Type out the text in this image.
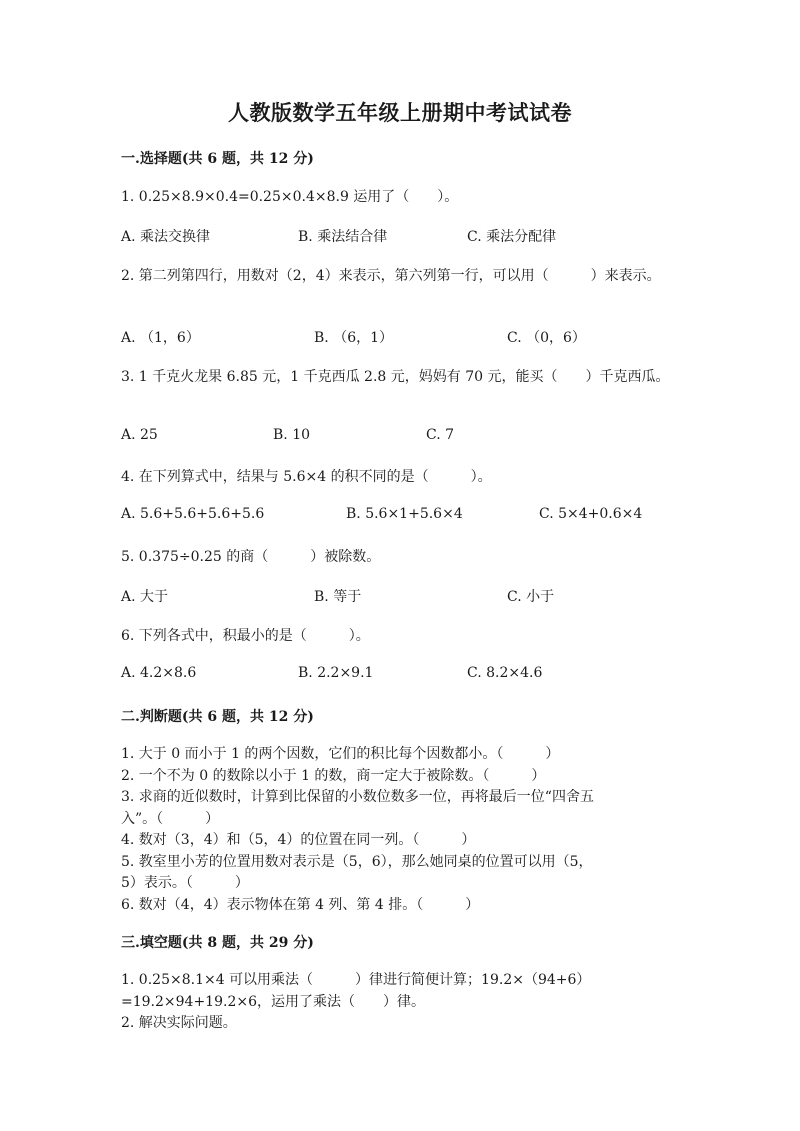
人教版数学五年级上册期中考试试卷
一.选择题(共 6 题，共 12 分)
1. 0.25×8.9×0.4=0.25×0.4×8.9 运用了（　　）。
A. 乘法交换律	B. 乘法结合律	C. 乘法分配律
2. 第二列第四行，用数对（2，4）来表示，第六列第一行，可以用（　　　）来表示。
A. （1，6）	B. （6，1）	C. （0，6）
3. 1 千克火龙果 6.85 元，1 千克西瓜 2.8 元，妈妈有 70 元，能买（　　）千克西瓜。
A. 25	B. 10	C. 7
4. 在下列算式中，结果与 5.6×4 的积不同的是（　　　）。
A. 5.6+5.6+5.6+5.6	B. 5.6×1+5.6×4	C. 5×4+0.6×4
5. 0.375÷0.25 的商（　　　）被除数。
A. 大于	B. 等于	C. 小于
6. 下列各式中，积最小的是（　　　）。
A. 4.2×8.6	B. 2.2×9.1	C. 8.2×4.6
二.判断题(共 6 题，共 12 分)
1. 大于 0 而小于 1 的两个因数，它们的积比每个因数都小。（　　　）
2. 一个不为 0 的数除以小于 1 的数，商一定大于被除数。（　　　）
3. 求商的近似数时，计算到比保留的小数位数多一位，再将最后一位“四舍五
入”。（　　　）
4. 数对（3，4）和（5，4）的位置在同一列。（　　　）
5. 教室里小芳的位置用数对表示是（5，6），那么她同桌的位置可以用（5，
5）表示。（　　　）
6. 数对（4，4）表示物体在第 4 列、第 4 排。（　　　）
三.填空题(共 8 题，共 29 分)
1. 0.25×8.1×4 可以用乘法（　　　）律进行简便计算；19.2×（94+6）
=19.2×94+19.2×6，运用了乘法（　　）律。
2. 解决实际问题。
